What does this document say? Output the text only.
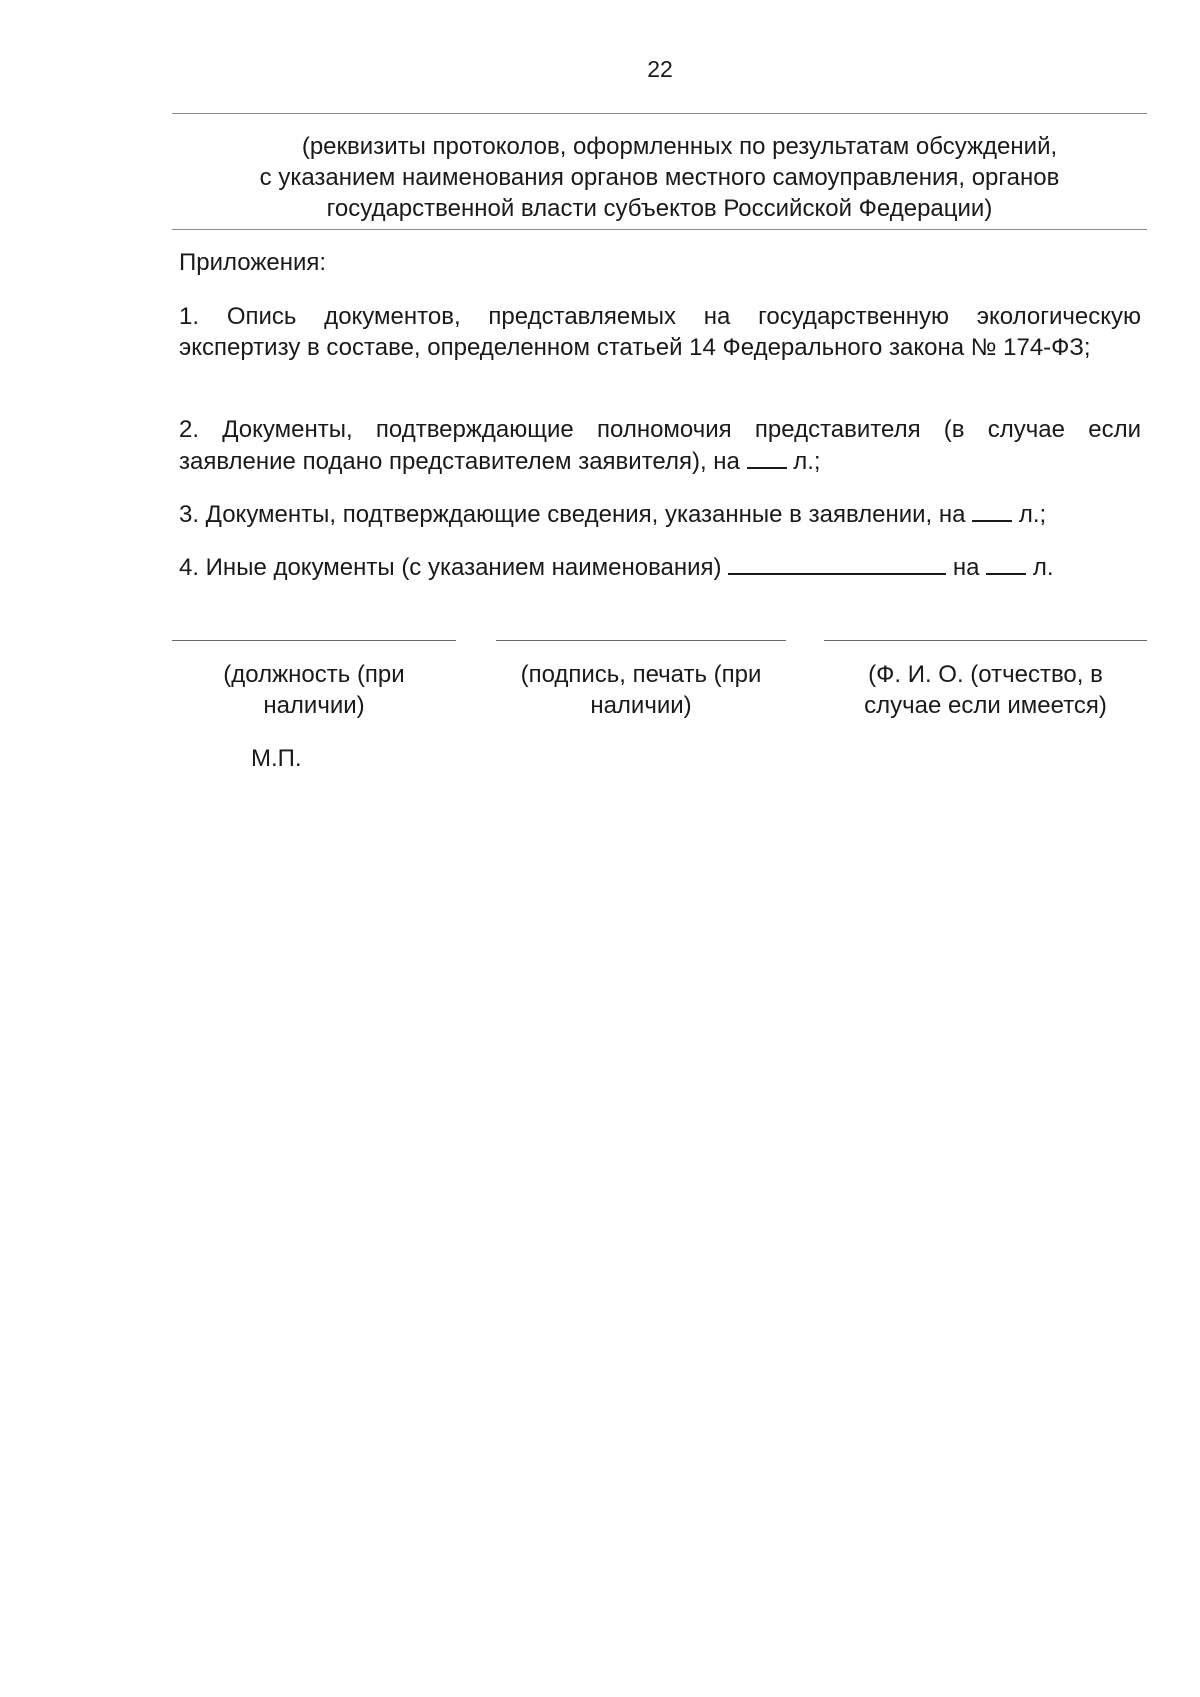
22
(реквизиты протоколов, оформленных по результатам обсуждений,
с указанием наименования органов местного самоуправления, органов
государственной власти субъектов Российской Федерации)
Приложения:
1. Опись документов, представляемых на государственную экологическую экспертизу в составе, определенном статьей 14 Федерального закона № 174-ФЗ;
2. Документы, подтверждающие полномочия представителя (в случае если заявление подано представителем заявителя), на л.;
3. Документы, подтверждающие сведения, указанные в заявлении, на л.;
4. Иные документы (с указанием наименования)	на л.
(должность (при
наличии)
(подпись, печать (при
наличии)
(Ф. И. О. (отчество, в
случае если имеется)
М.П.
